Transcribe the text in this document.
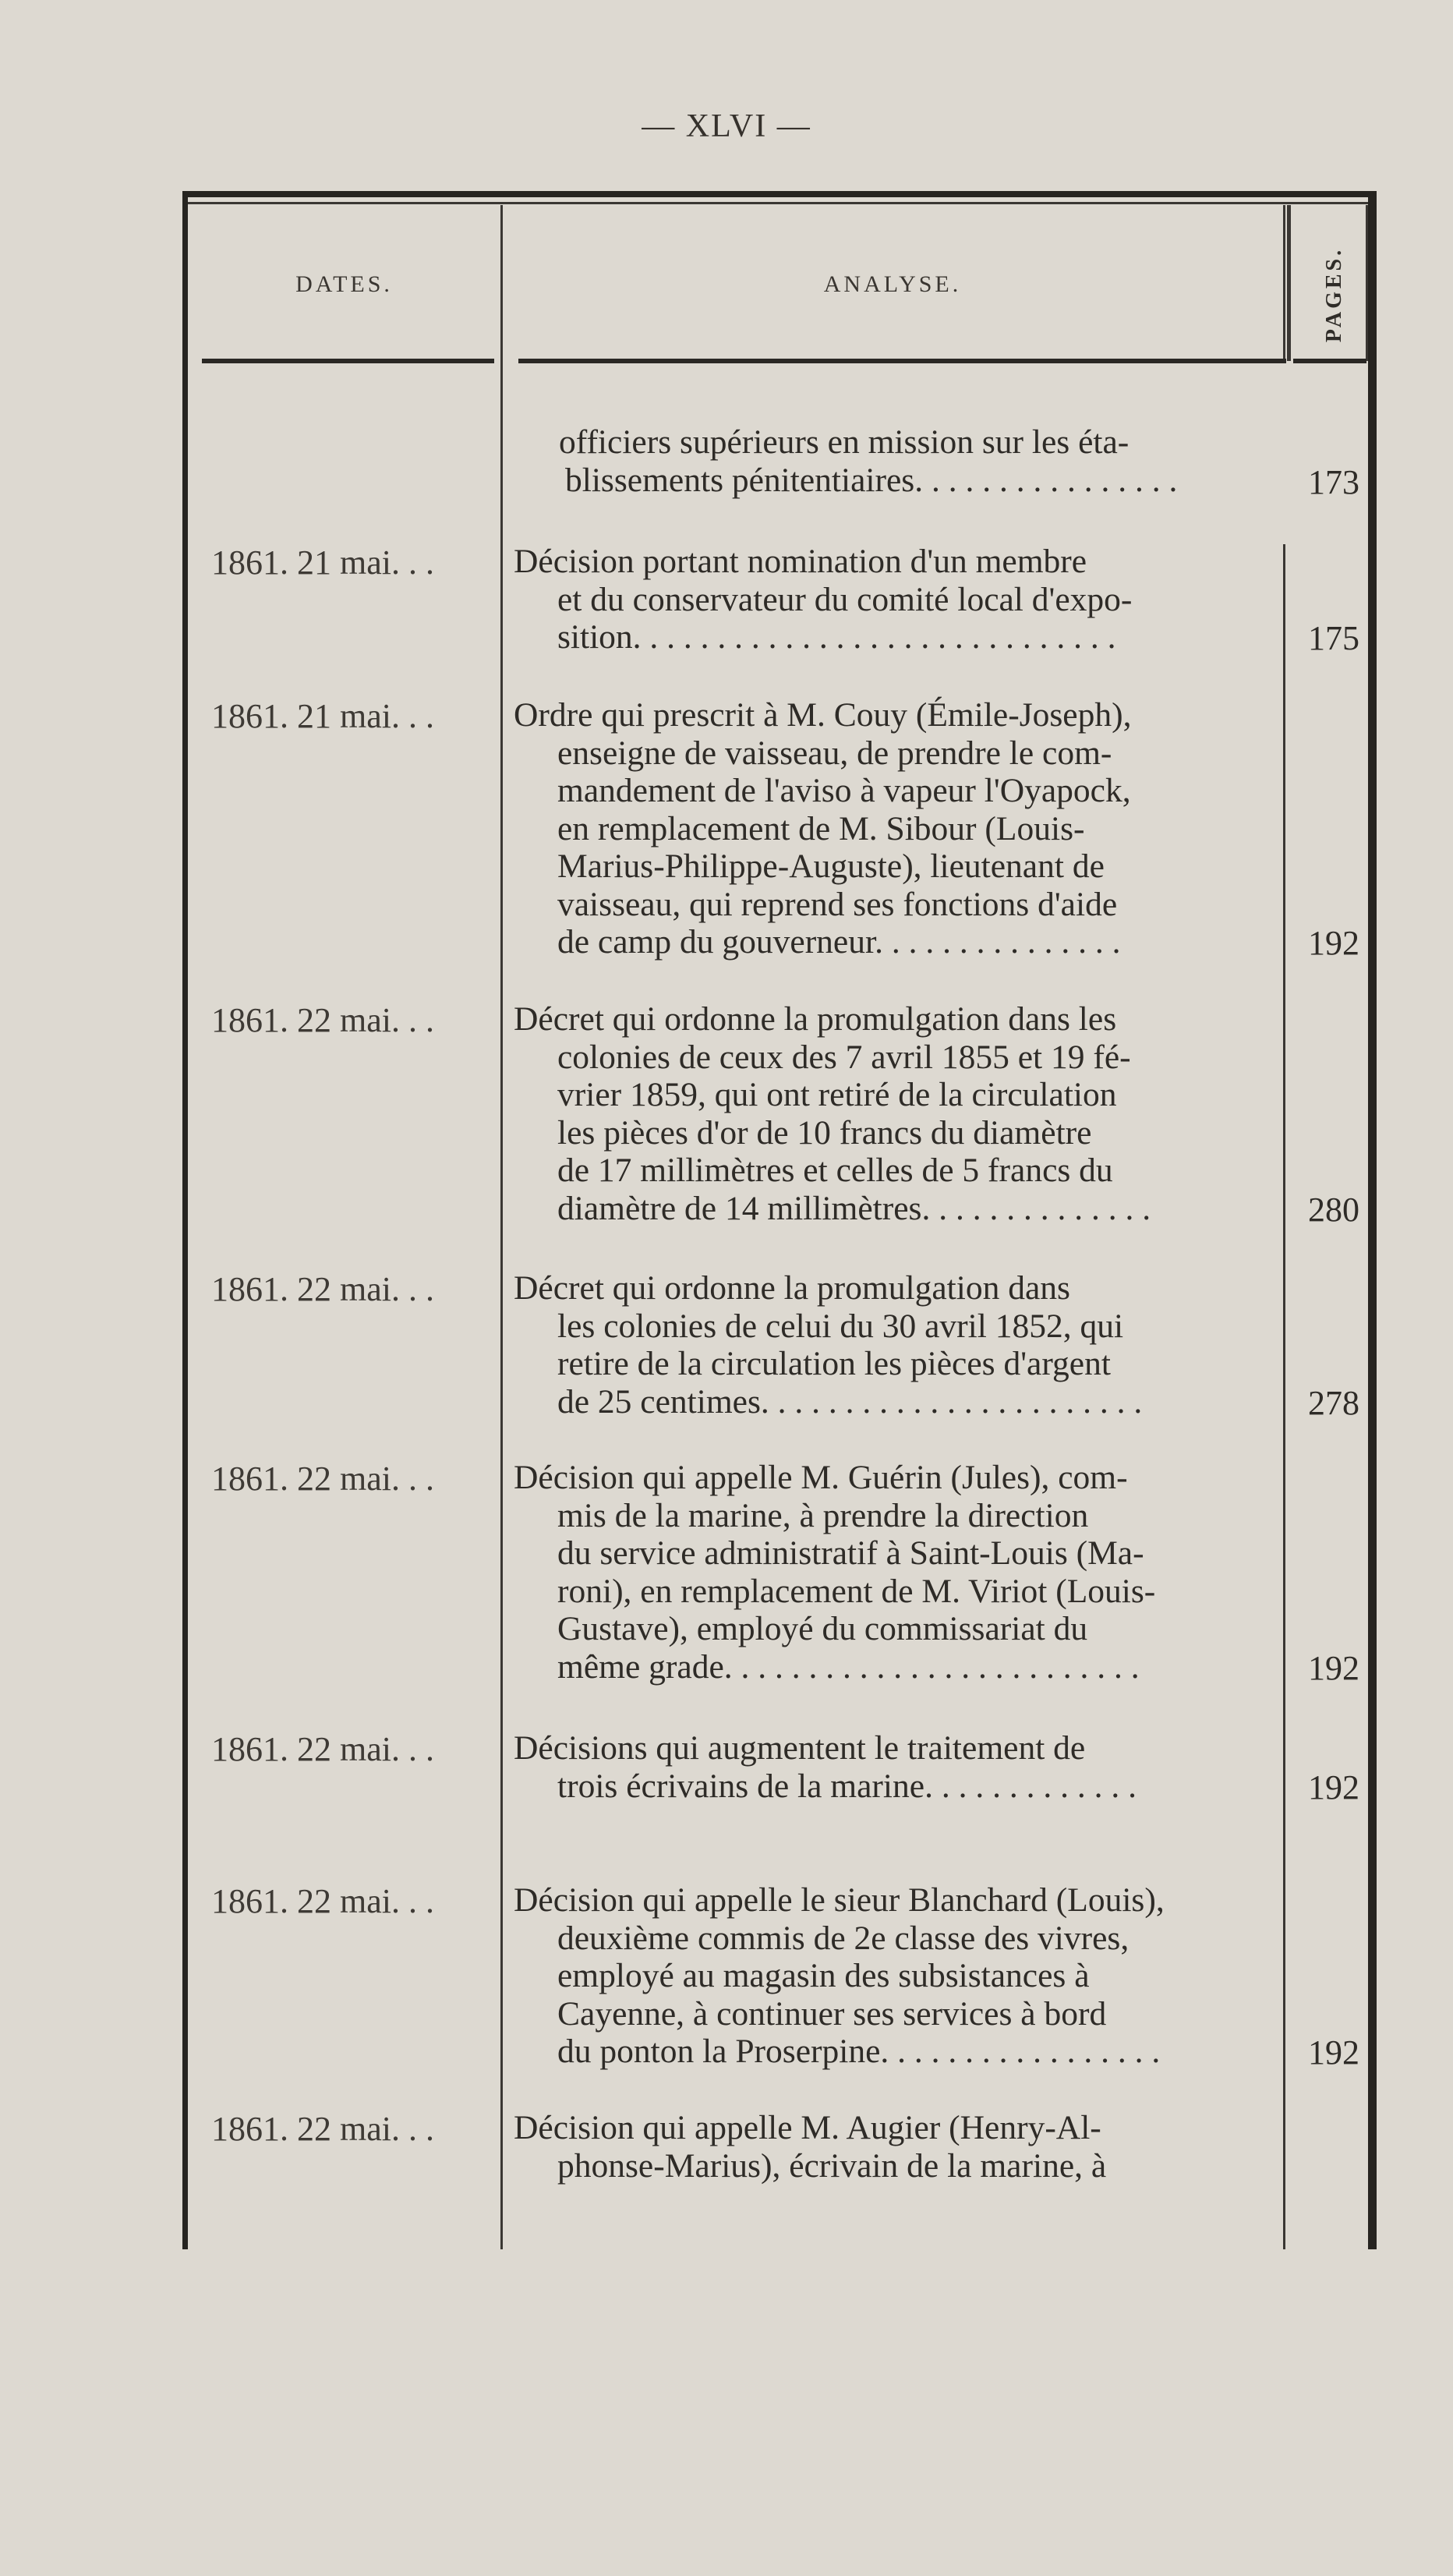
— XLVI —
DATES.	ANALYSE.	PAGES.
officiers supérieurs en mission sur les éta-
blissements pénitentiaires. . . . . . . . . . . . . . . .	173
1861. 21 mai. . . Décision portant nomination d'un membre
et du conservateur du comité local d'expo-
sition. . . . . . . . . . . . . . . . . . . . . . . . . . . . .	175
1861. 21 mai. . . Ordre qui prescrit à M. Couy (Émile-Joseph),
enseigne de vaisseau, de prendre le com-
mandement de l'aviso à vapeur l'Oyapock,
en remplacement de M. Sibour (Louis-
Marius-Philippe-Auguste), lieutenant de
vaisseau, qui reprend ses fonctions d'aide
de camp du gouverneur. . . . . . . . . . . . . . .	192
1861. 22 mai. . . Décret qui ordonne la promulgation dans les
colonies de ceux des 7 avril 1855 et 19 fé-
vrier 1859, qui ont retiré de la circulation
les pièces d'or de 10 francs du diamètre
de 17 millimètres et celles de 5 francs du
diamètre de 14 millimètres. . . . . . . . . . . . . .	280
1861. 22 mai. . . Décret qui ordonne la promulgation dans
les colonies de celui du 30 avril 1852, qui
retire de la circulation les pièces d'argent
de 25 centimes. . . . . . . . . . . . . . . . . . . . . . .	278
1861. 22 mai. . . Décision qui appelle M. Guérin (Jules), com-
mis de la marine, à prendre la direction
du service administratif à Saint-Louis (Ma-
roni), en remplacement de M. Viriot (Louis-
Gustave), employé du commissariat du
même grade. . . . . . . . . . . . . . . . . . . . . . . . .	192
1861. 22 mai. . . Décisions qui augmentent le traitement de
trois écrivains de la marine. . . . . . . . . . . . .	192
1861. 22 mai. . . Décision qui appelle le sieur Blanchard (Louis),
deuxième commis de 2e classe des vivres,
employé au magasin des subsistances à
Cayenne, à continuer ses services à bord
du ponton la Proserpine. . . . . . . . . . . . . . . . .	192
1861. 22 mai. . . Décision qui appelle M. Augier (Henry-Al-
phonse-Marius), écrivain de la marine, à
